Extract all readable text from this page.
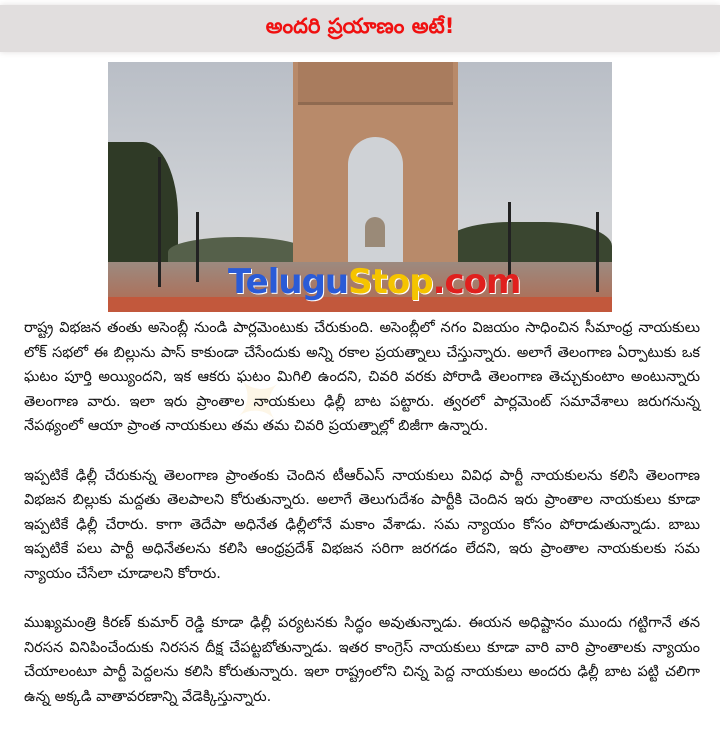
అందరి ప్రయాణం అటే!
TeluguStop.com
✦

రాష్ట్ర విభజన తంతు అసెంబ్లీ నుండి పార్లమెంటుకు చేరుకుంది. అసెంబ్లీలో నగం విజయం సాధించిన సీమాంధ్ర నాయకులు లోక్ సభలో ఈ బిల్లును పాస్ కాకుండా చేసేందుకు అన్ని రకాల ప్రయత్నాలు చేస్తున్నారు. అలాగే తెలంగాణ ఏర్పాటుకు ఒక ఘటం పూర్తి అయ్యిందని, ఇక ఆకరు ఘటం మిగిలి ఉందని, చివరి వరకు పోరాడి తెలంగాణ తెచ్చుకుంటాం అంటున్నారు తెలంగాణ వారు. ఇలా ఇరు ప్రాంతాల నాయకులు ఢిల్లీ బాట పట్టారు. త్వరలో పార్లమెంట్ సమావేశాలు జరుగనున్న నేపథ్యంలో ఆయా ప్రాంత నాయకులు తమ తమ చివరి ప్రయత్నాల్లో బిజీగా ఉన్నారు.

ఇప్పటికే ఢిల్లీ చేరుకున్న తెలంగాణ ప్రాంతంకు చెందిన టీఆర్ఎస్ నాయకులు వివిధ పార్టీ నాయకులను కలిసి తెలంగాణ విభజన బిల్లుకు మద్దతు తెలపాలని కోరుతున్నారు. అలాగే తెలుగుదేశం పార్టీకి చెందిన ఇరు ప్రాంతాల నాయకులు కూడా ఇప్పటికే ఢిల్లీ చేరారు. కాగా తెదేపా అధినేత ఢిల్లీలోనే మకాం వేశాడు. సమ న్యాయం కోసం పోరాడుతున్నాడు. బాబు ఇప్పటికే పలు పార్టీ అధినేతలను కలిసి ఆంధ్రప్రదేశ్ విభజన సరిగా జరగడం లేదని, ఇరు ప్రాంతాల నాయకులకు సమ న్యాయం చేసేలా చూడాలని కోరారు.

ముఖ్యమంత్రి కిరణ్ కుమార్ రెడ్డి కూడా ఢిల్లీ పర్యటనకు సిద్ధం అవుతున్నాడు. ఈయన అధిష్టానం ముందు గట్టిగానే తన నిరసన వినిపించేందుకు నిరసన దీక్ష చేపట్టబోతున్నాడు. ఇతర కాంగ్రెస్ నాయకులు కూడా వారి వారి ప్రాంతాలకు న్యాయం చేయాలంటూ పార్టీ పెద్దలను కలిసి కోరుతున్నారు. ఇలా రాష్ట్రంలోని చిన్న పెద్ద నాయకులు అందరు ఢిల్లీ బాట పట్టి చలిగా ఉన్న అక్కడి వాతావరణాన్ని వేడెక్కిస్తున్నారు.
